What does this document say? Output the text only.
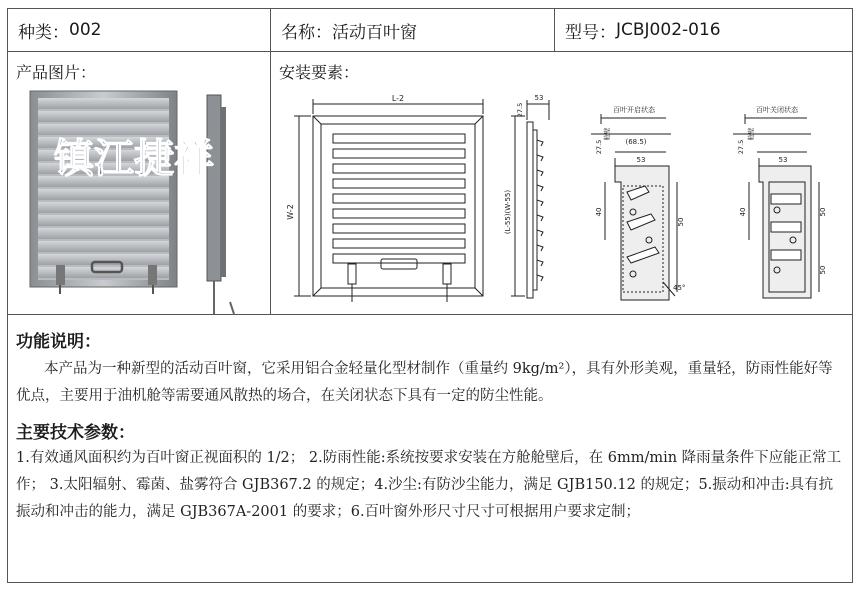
种类： 002	名称： 活动百叶窗	型号： JCBJ002-016
产品图片：
镇江捷祥
安装要素：
L-2
W-2
53
27.5
(L-55)(W-55)
百叶开启状态
27.5	(68.5)
53
40
50
45°
舱壁
百叶关闭状态
27.5
53
40	50
50
舱壁
功能说明：

本产品为一种新型的活动百叶窗，它采用铝合金轻量化型材制作（重量约 9kg/m²），具有外形美观，重量轻，防雨性能好等优点，主要用于油机舱等需要通风散热的场合，在关闭状态下具有一定的防尘性能。

主要技术参数：

1.有效通风面积约为百叶窗正视面积的 1/2； 2.防雨性能:系统按要求安装在方舱舱壁后，在 6mm/min 降雨量条件下应能正常工作； 3.太阳辐射、霉菌、盐雾符合 GJB367.2 的规定；4.沙尘:有防沙尘能力，满足 GJB150.12 的规定；5.振动和冲击:具有抗振动和冲击的能力，满足 GJB367A-2001 的要求；6.百叶窗外形尺寸尺寸可根据用户要求定制；
